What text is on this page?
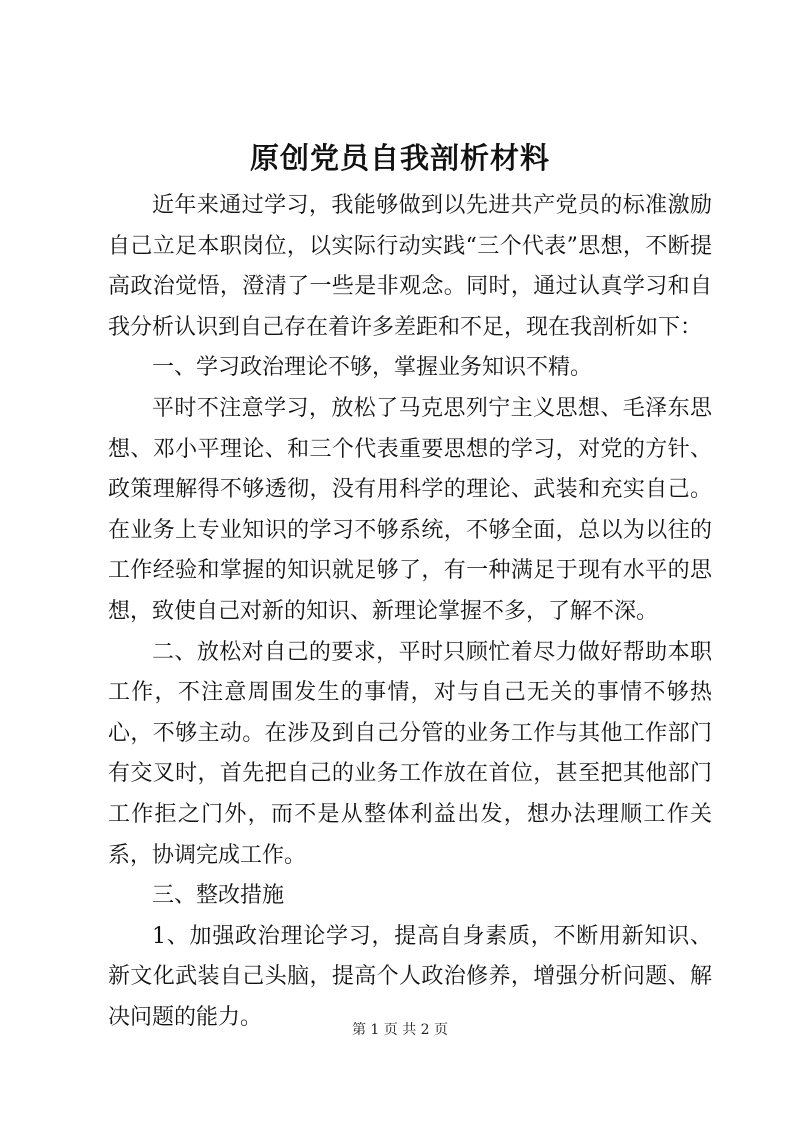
原创党员自我剖析材料

近年来通过学习，我能够做到以先进共产党员的标准激励自己立足本职岗位，以实际行动实践“三个代表”思想，不断提高政治觉悟，澄清了一些是非观念。同时，通过认真学习和自我分析认识到自己存在着许多差距和不足，现在我剖析如下：

一、学习政治理论不够，掌握业务知识不精。

平时不注意学习，放松了马克思列宁主义思想、毛泽东思想、邓小平理论、和三个代表重要思想的学习，对党的方针、政策理解得不够透彻，没有用科学的理论、武装和充实自己。在业务上专业知识的学习不够系统，不够全面，总以为以往的工作经验和掌握的知识就足够了，有一种满足于现有水平的思想，致使自己对新的知识、新理论掌握不多，了解不深。

二、放松对自己的要求，平时只顾忙着尽力做好帮助本职工作，不注意周围发生的事情，对与自己无关的事情不够热心，不够主动。在涉及到自己分管的业务工作与其他工作部门有交叉时，首先把自己的业务工作放在首位，甚至把其他部门工作拒之门外，而不是从整体利益出发，想办法理顺工作关系，协调完成工作。

三、整改措施

1、加强政治理论学习，提高自身素质，不断用新知识、新文化武装自己头脑，提高个人政治修养，增强分析问题、解决问题的能力。

第 1 页 共 2 页
